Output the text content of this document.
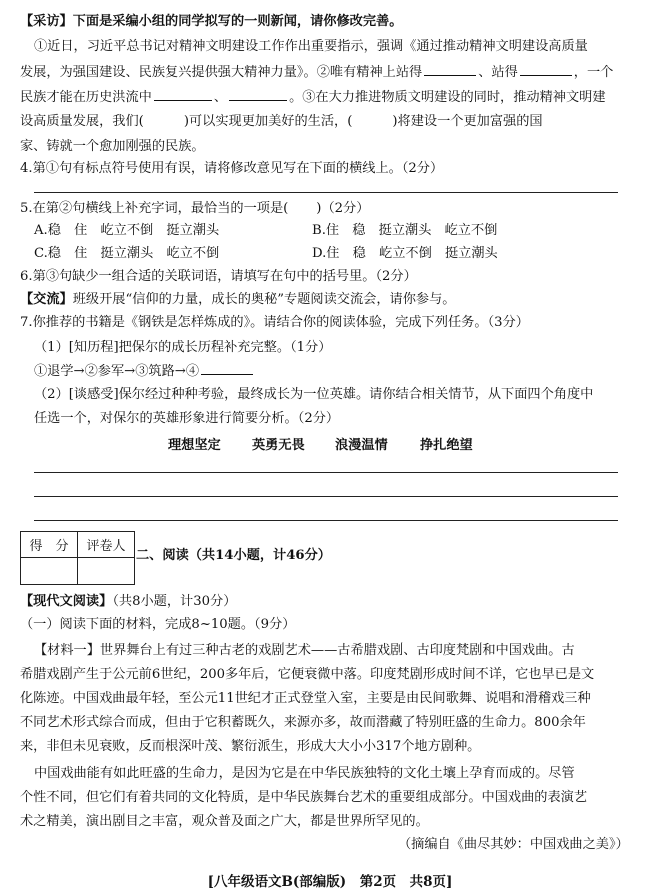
【采访】下面是采编小组的同学拟写的一则新闻，请你修改完善。
①近日，习近平总书记对精神文明建设工作作出重要指示，强调《通过推动精神文明建设高质量
发展，为强国建设、民族复兴提供强大精神力量》。②唯有精神上站得	、站得	，一个
民族才能在历史洪流中	、	。③在大力推进物质文明建设的同时，推动精神文明建
设高质量发展，我们(	)可以实现更加美好的生活，(	)将建设一个更加富强的国
家、铸就一个愈加刚强的民族。
4.第①句有标点符号使用有误，请将修改意见写在下面的横线上。（2分）
5.在第②句横线上补充字词，最恰当的一项是( )（2分）
A.稳　住　屹立不倒　挺立潮头	B.住　稳　挺立潮头　屹立不倒
C.稳　住　挺立潮头　屹立不倒	D.住　稳　屹立不倒　挺立潮头
6.第③句缺少一组合适的关联词语，请填写在句中的括号里。（2分）
【交流】班级开展“信仰的力量，成长的奥秘”专题阅读交流会，请你参与。
7.你推荐的书籍是《钢铁是怎样炼成的》。请结合你的阅读体验，完成下列任务。（3分）
（1）[知历程]把保尔的成长历程补充完整。（1分）
①退学→②参军→③筑路→④
（2）[谈感受]保尔经过种种考验，最终成长为一位英雄。请你结合相关情节，从下面四个角度中
任选一个，对保尔的英雄形象进行简要分析。（2分）
理想坚定 英勇无畏 浪漫温情 挣扎绝望
得　分	评卷人

二、阅读（共14小题，计46分）
【现代文阅读】（共8小题，计30分）
（一）阅读下面的材料，完成8~10题。（9分）
【材料一】世界舞台上有过三种古老的戏剧艺术——古希腊戏剧、古印度梵剧和中国戏曲。古
希腊戏剧产生于公元前6世纪，200多年后，它便衰微中落。印度梵剧形成时间不详，它也早已是文
化陈迹。中国戏曲最年轻，至公元11世纪才正式登堂入室，主要是由民间歌舞、说唱和滑稽戏三种
不同艺术形式综合而成，但由于它积蓄既久，来源亦多，故而潜藏了特别旺盛的生命力。800余年
来，非但未见衰败，反而根深叶茂、繁衍派生，形成大大小小317个地方剧种。
中国戏曲能有如此旺盛的生命力，是因为它是在中华民族独特的文化土壤上孕育而成的。尽管
个性不同，但它们有着共同的文化特质，是中华民族舞台艺术的重要组成部分。中国戏曲的表演艺
术之精美，演出剧目之丰富，观众普及面之广大，都是世界所罕见的。
（摘编自《曲尽其妙：中国戏曲之美》）
[八年级语文B(部编版)　第2页　共8页]
